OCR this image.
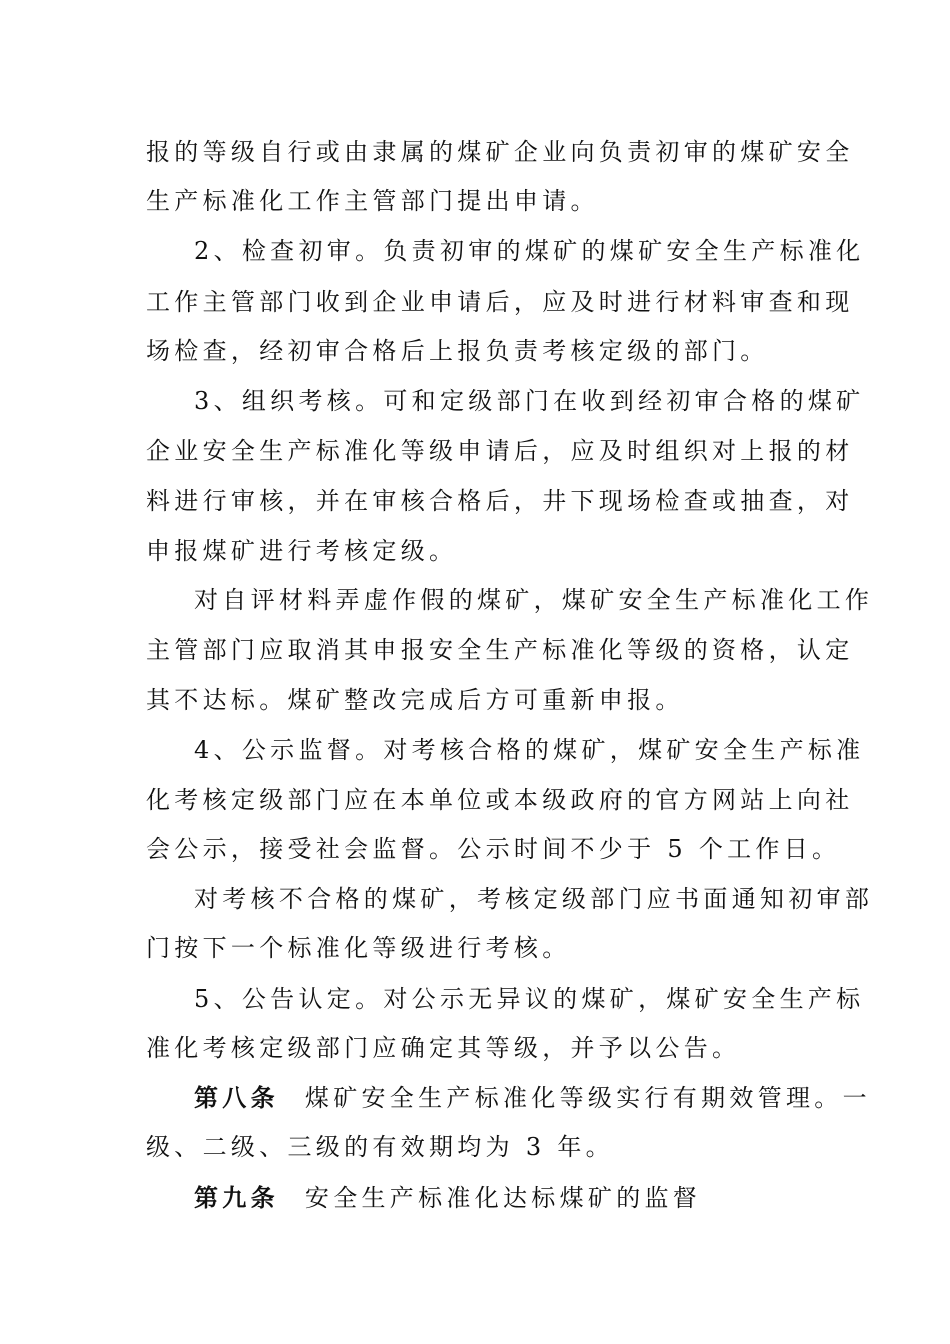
报的等级自行或由隶属的煤矿企业向负责初审的煤矿安全
生产标准化工作主管部门提出申请。
2、检查初审。负责初审的煤矿的煤矿安全生产标准化
工作主管部门收到企业申请后，应及时进行材料审查和现
场检查，经初审合格后上报负责考核定级的部门。
3、组织考核。可和定级部门在收到经初审合格的煤矿
企业安全生产标准化等级申请后，应及时组织对上报的材
料进行审核，并在审核合格后，井下现场检查或抽查，对
申报煤矿进行考核定级。
对自评材料弄虚作假的煤矿，煤矿安全生产标准化工作
主管部门应取消其申报安全生产标准化等级的资格，认定
其不达标。煤矿整改完成后方可重新申报。
4、公示监督。对考核合格的煤矿，煤矿安全生产标准
化考核定级部门应在本单位或本级政府的官方网站上向社
会公示，接受社会监督。公示时间不少于 5 个工作日。
对考核不合格的煤矿，考核定级部门应书面通知初审部
门按下一个标准化等级进行考核。
5、公告认定。对公示无异议的煤矿，煤矿安全生产标
准化考核定级部门应确定其等级，并予以公告。
第八条 煤矿安全生产标准化等级实行有期效管理。一
级、二级、三级的有效期均为 3 年。
第九条 安全生产标准化达标煤矿的监督
